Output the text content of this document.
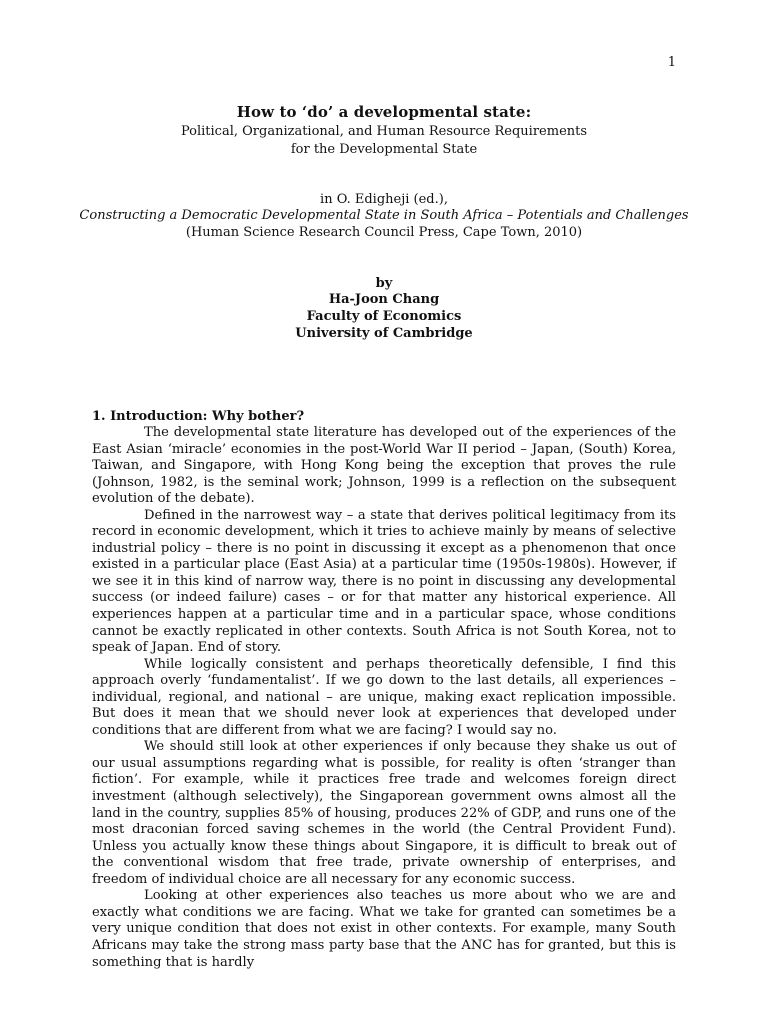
1
How to ‘do’ a developmental state:
Political, Organizational, and Human Resource Requirements
for the Developmental State
in O. Edigheji (ed.),
Constructing a Democratic Developmental State in South Africa – Potentials and Challenges
(Human Science Research Council Press, Cape Town, 2010)
by
Ha-Joon Chang
Faculty of Economics
University of Cambridge
1. Introduction: Why bother?

The developmental state literature has developed out of the experiences of the East Asian ‘miracle’ economies in the post-World War II period – Japan, (South) Korea, Taiwan, and Singapore, with Hong Kong being the exception that proves the rule (Johnson, 1982, is the seminal work; Johnson, 1999 is a reflection on the subsequent evolution of the debate).

Defined in the narrowest way – a state that derives political legitimacy from its record in economic development, which it tries to achieve mainly by means of selective industrial policy – there is no point in discussing it except as a phenomenon that once existed in a particular place (East Asia) at a particular time (1950s-1980s). However, if we see it in this kind of narrow way, there is no point in discussing any developmental success (or indeed failure) cases – or for that matter any historical experience. All experiences happen at a particular time and in a particular space, whose conditions cannot be exactly replicated in other contexts. South Africa is not South Korea, not to speak of Japan. End of story.

While logically consistent and perhaps theoretically defensible, I find this approach overly ‘fundamentalist’. If we go down to the last details, all experiences – individual, regional, and national – are unique, making exact replication impossible. But does it mean that we should never look at experiences that developed under conditions that are different from what we are facing? I would say no.

We should still look at other experiences if only because they shake us out of our usual assumptions regarding what is possible, for reality is often ‘stranger than fiction’. For example, while it practices free trade and welcomes foreign direct investment (although selectively), the Singaporean government owns almost all the land in the country, supplies 85% of housing, produces 22% of GDP, and runs one of the most draconian forced saving schemes in the world (the Central Provident Fund). Unless you actually know these things about Singapore, it is difficult to break out of the conventional wisdom that free trade, private ownership of enterprises, and freedom of individual choice are all necessary for any economic success.

Looking at other experiences also teaches us more about who we are and exactly what conditions we are facing. What we take for granted can sometimes be a very unique condition that does not exist in other contexts. For example, many South Africans may take the strong mass party base that the ANC has for granted, but this is something that is hardly
